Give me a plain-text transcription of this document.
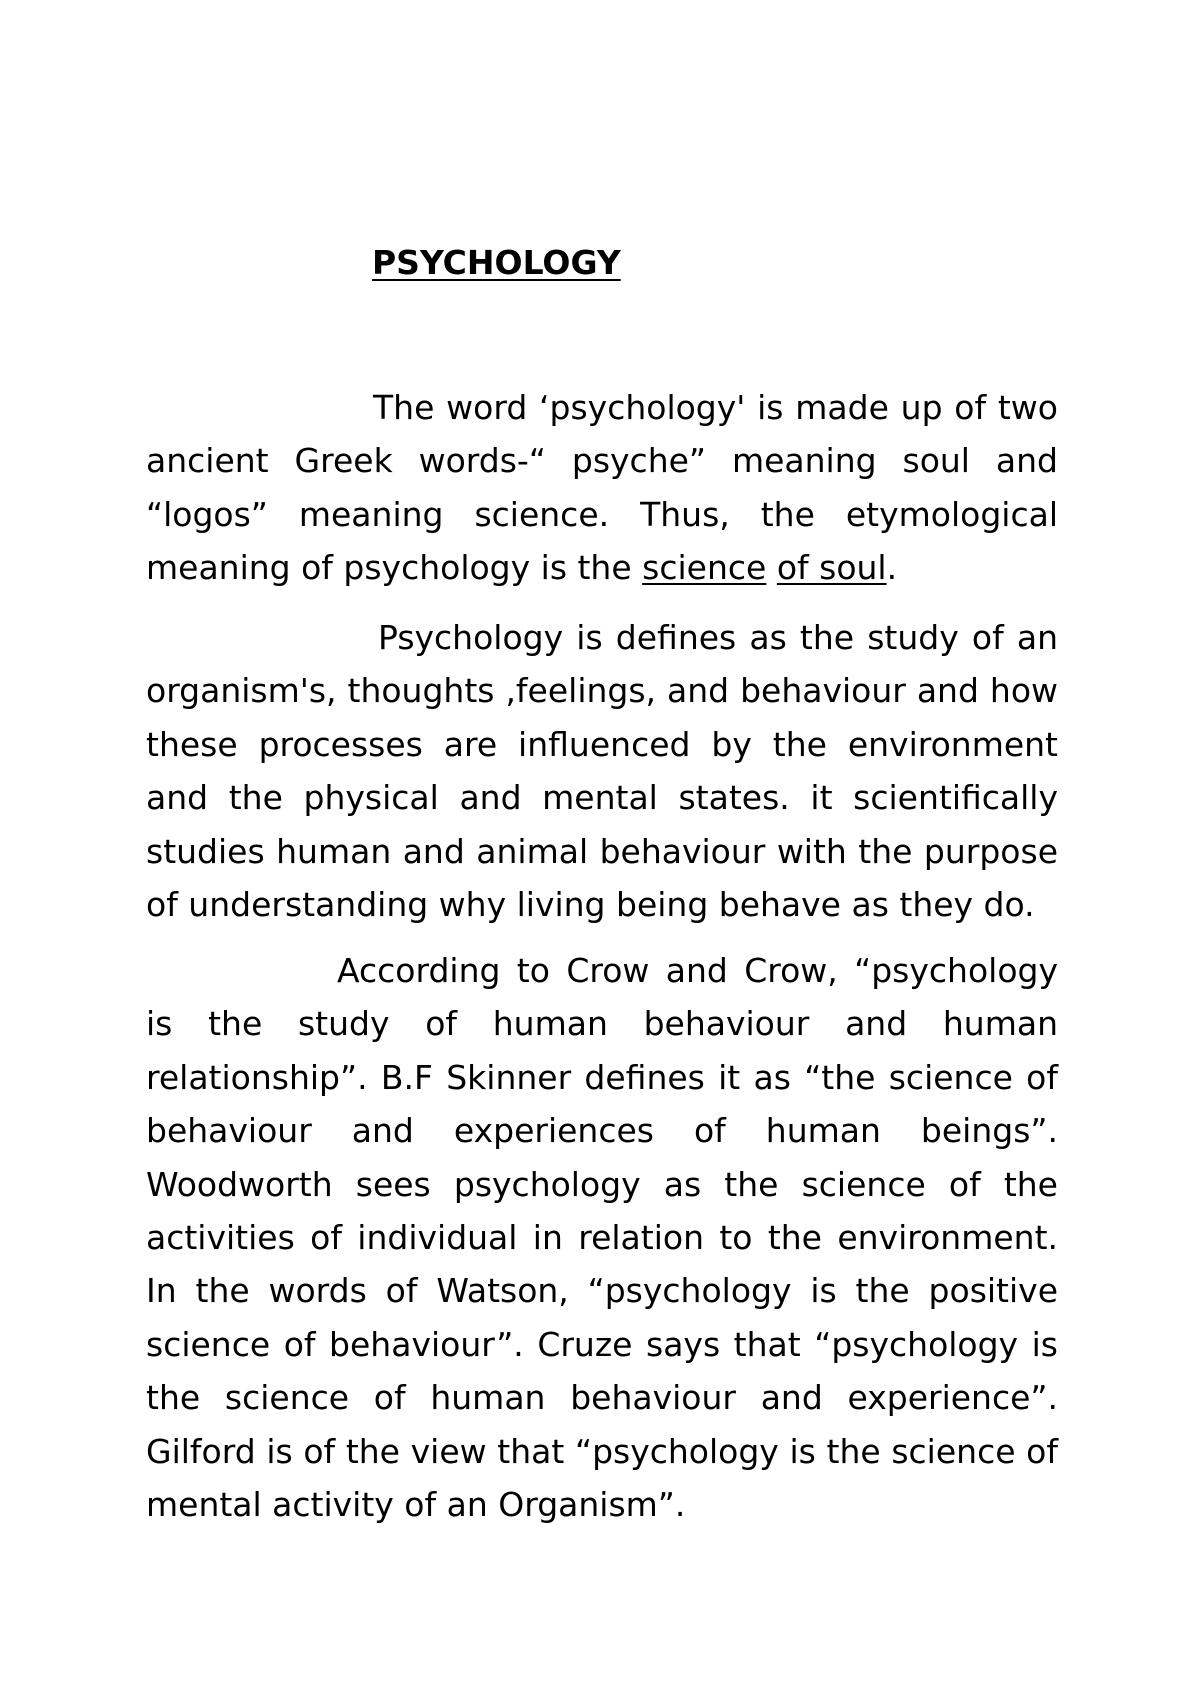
PSYCHOLOGY

The word ‘psychology' is made up of two ancient Greek words-“ psyche” meaning soul and “logos” meaning science. Thus, the etymological meaning of psychology is the science of soul.

Psychology is defines as the study of an organism's, thoughts ,feelings, and behaviour and how these processes are influenced by the environment and the physical and mental states. it scientifically studies human and animal behaviour with the purpose of understanding why living being behave as they do.

According to Crow and Crow, “psychology is the study of human behaviour and human relationship”. B.F Skinner defines it as “the science of behaviour and experiences of human beings”. Woodworth sees psychology as the science of the activities of individual in relation to the environment. In the words of Watson, “psychology is the positive science of behaviour”. Cruze says that “psychology is the science of human behaviour and experience”. Gilford is of the view that “psychology is the science of mental activity of an Organism”.
